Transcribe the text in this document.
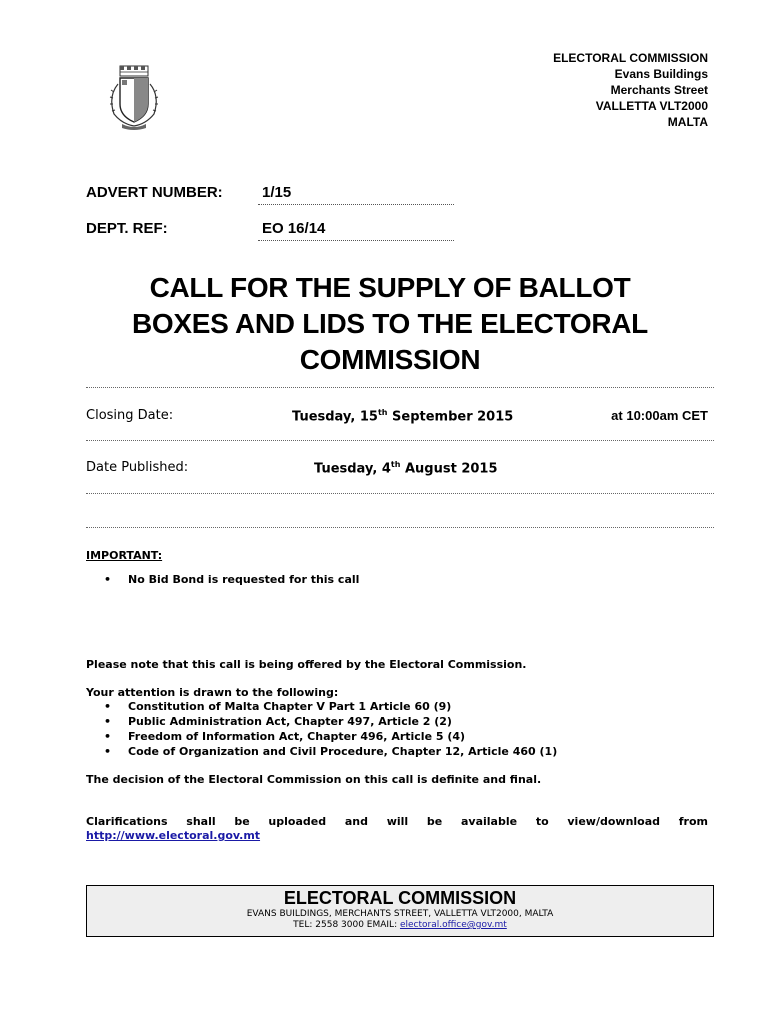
ELECTORAL COMMISSION
Evans Buildings
Merchants Street
VALLETTA VLT2000
MALTA
ADVERT NUMBER:	1/15
DEPT. REF:	EO 16/14
CALL FOR THE SUPPLY OF BALLOT
BOXES AND LIDS TO THE ELECTORAL
COMMISSION
Closing Date:	Tuesday, 15th September 2015	at 10:00am CET
Date Published:	Tuesday, 4th August 2015
IMPORTANT:
• No Bid Bond is requested for this call
Please note that this call is being offered by the Electoral Commission.
Your attention is drawn to the following:
• Constitution of Malta Chapter V Part 1 Article 60 (9)
• Public Administration Act, Chapter 497, Article 2 (2)
• Freedom of Information Act, Chapter 496, Article 5 (4)
• Code of Organization and Civil Procedure, Chapter 12, Article 460 (1)
The decision of the Electoral Commission on this call is definite and final.
Clarifications shall be uploaded and will be available to view/download from
http://www.electoral.gov.mt
ELECTORAL COMMISSION
EVANS BUILDINGS, MERCHANTS STREET, VALLETTA VLT2000, MALTA
TEL: 2558 3000 EMAIL: electoral.office@gov.mt
